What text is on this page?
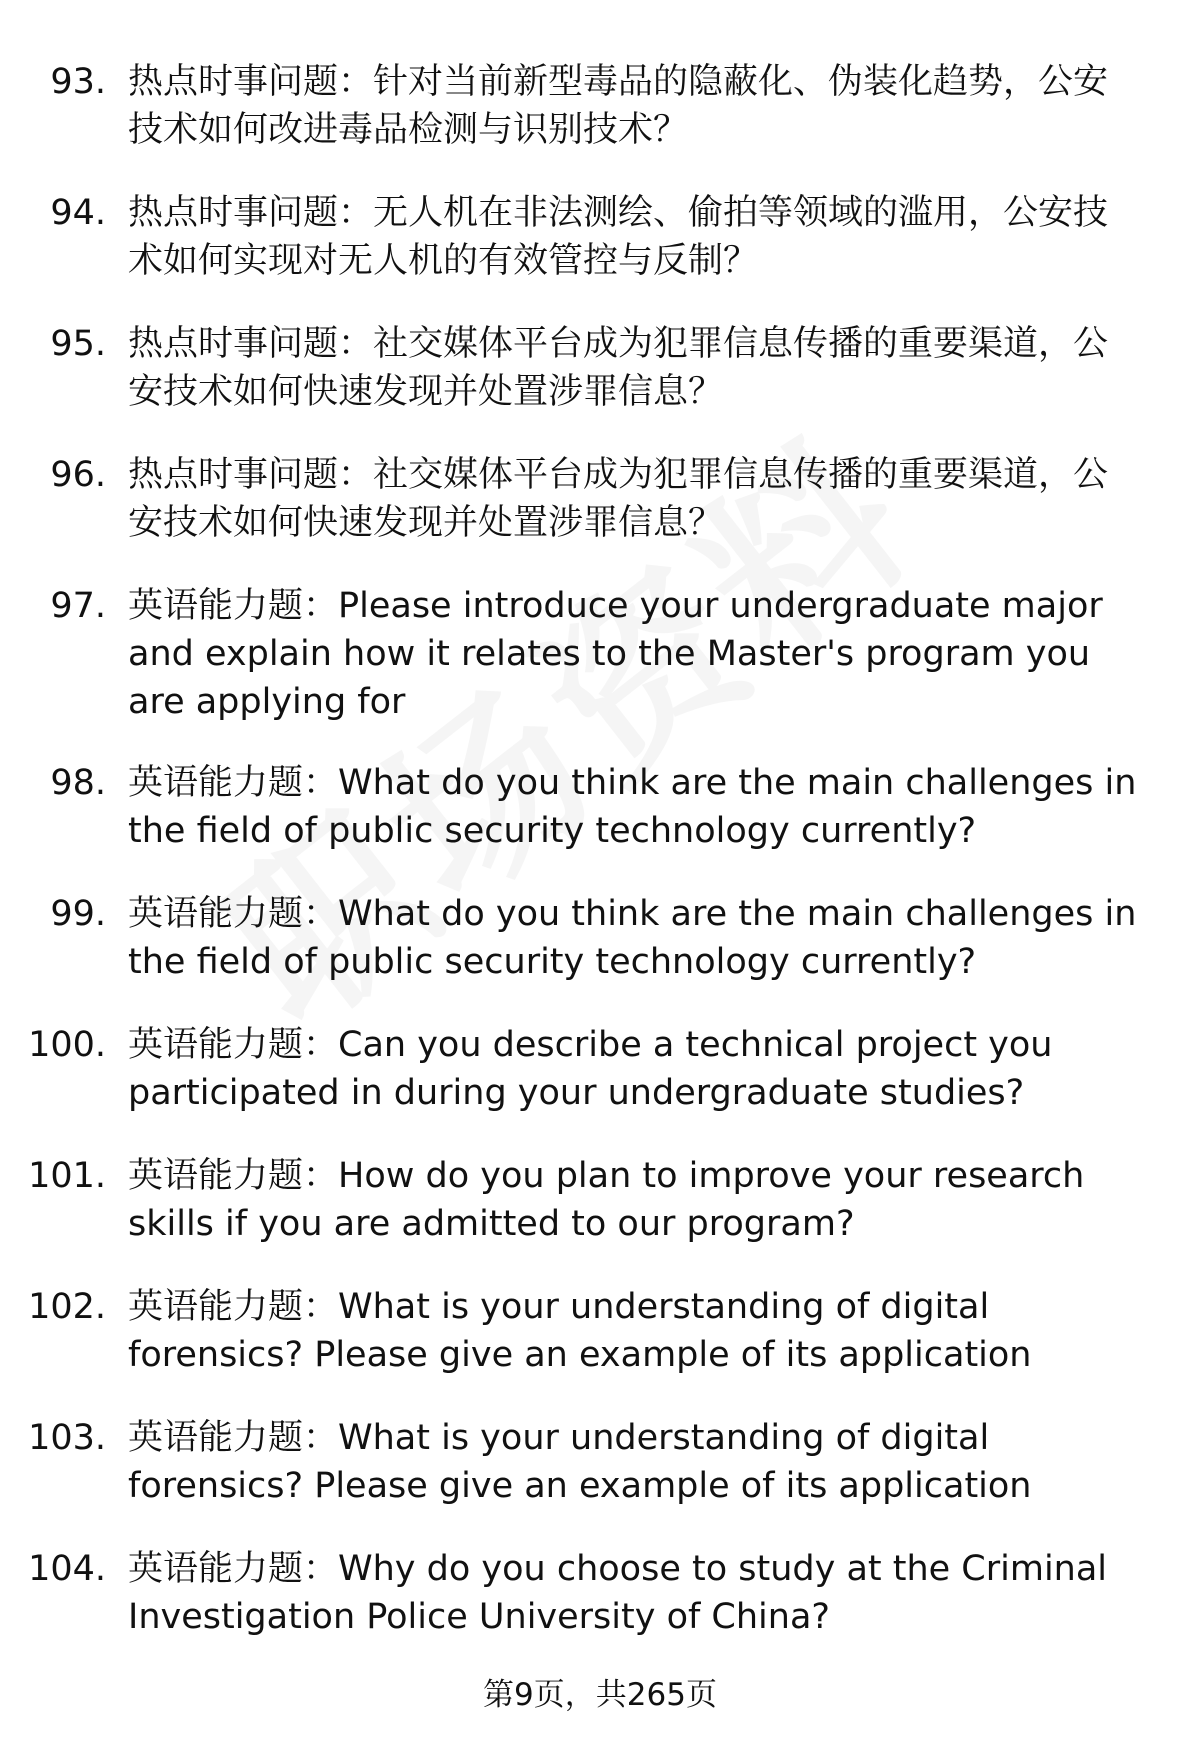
93. 热点时事问题：针对当前新型毒品的隐蔽化、伪装化趋势，公安技术如何改进毒品检测与识别技术？
94. 热点时事问题：无人机在非法测绘、偷拍等领域的滥用，公安技术如何实现对无人机的有效管控与反制？
95. 热点时事问题：社交媒体平台成为犯罪信息传播的重要渠道，公安技术如何快速发现并处置涉罪信息？
96. 热点时事问题：社交媒体平台成为犯罪信息传播的重要渠道，公安技术如何快速发现并处置涉罪信息？
97. 英语能力题：Please introduce your undergraduate major and explain how it relates to the Master's program you are applying for
98. 英语能力题：What do you think are the main challenges in the field of public security technology currently?
99. 英语能力题：What do you think are the main challenges in the field of public security technology currently?
100. 英语能力题：Can you describe a technical project you participated in during your undergraduate studies?
101. 英语能力题：How do you plan to improve your research skills if you are admitted to our program?
102. 英语能力题：What is your understanding of digital forensics? Please give an example of its application
103. 英语能力题：What is your understanding of digital forensics? Please give an example of its application
104. 英语能力题：Why do you choose to study at the Criminal Investigation Police University of China?
第9页，共265页
